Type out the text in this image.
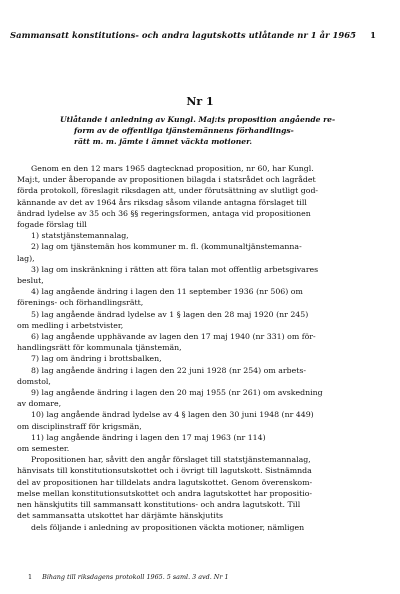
Sammansatt konstitutions- och andra lagutskotts utlåtande nr 1 år 1965 1
Nr 1
Utlåtande i anledning av Kungl. Maj:ts proposition angående re-
form av de offentliga tjänstemännens förhandlings-
rätt m. m. jämte i ämnet väckta motioner.
Genom en den 12 mars 1965 dagtecknad proposition, nr 60, har Kungl.
Maj:t, under åberopande av propositionen bilagda i statsrådet och lagrådet
förda protokoll, föreslagit riksdagen att, under förutsättning av slutligt god-
kännande av det av 1964 års riksdag såsom vilande antagna förslaget till
ändrad lydelse av 35 och 36 §§ regeringsformen, antaga vid propositionen
fogade förslag till
1) statstjänstemannalag,
2) lag om tjänstemän hos kommuner m. fl. (kommunaltjänstemanna-
lag),
3) lag om inskränkning i rätten att föra talan mot offentlig arbetsgivares
beslut,
4) lag angående ändring i lagen den 11 september 1936 (nr 506) om
förenings- och förhandlingsrätt,
5) lag angående ändrad lydelse av 1 § lagen den 28 maj 1920 (nr 245)
om medling i arbetstvister,
6) lag angående upphävande av lagen den 17 maj 1940 (nr 331) om för-
handlingsrätt för kommunala tjänstemän,
7) lag om ändring i brottsbalken,
8) lag angående ändring i lagen den 22 juni 1928 (nr 254) om arbets-
domstol,
9) lag angående ändring i lagen den 20 maj 1955 (nr 261) om avskedning
av domare,
10) lag angående ändrad lydelse av 4 § lagen den 30 juni 1948 (nr 449)
om disciplinstraff för krigsmän,
11) lag angående ändring i lagen den 17 maj 1963 (nr 114)
om semester.
Propositionen har, såvitt den angår förslaget till statstjänstemannalag,
hänvisats till konstitutionsutskottet och i övrigt till lagutskott. Sistnämnda
del av propositionen har tilldelats andra lagutskottet. Genom överenskom-
melse mellan konstitutionsutskottet och andra lagutskottet har propositio-
nen hänskjutits till sammansatt konstitutions- och andra lagutskott. Till
det sammansatta utskottet har därjämte hänskjutits
dels följande i anledning av propositionen väckta motioner, nämligen
1 Bihang till riksdagens protokoll 1965. 5 saml. 3 avd. Nr 1
